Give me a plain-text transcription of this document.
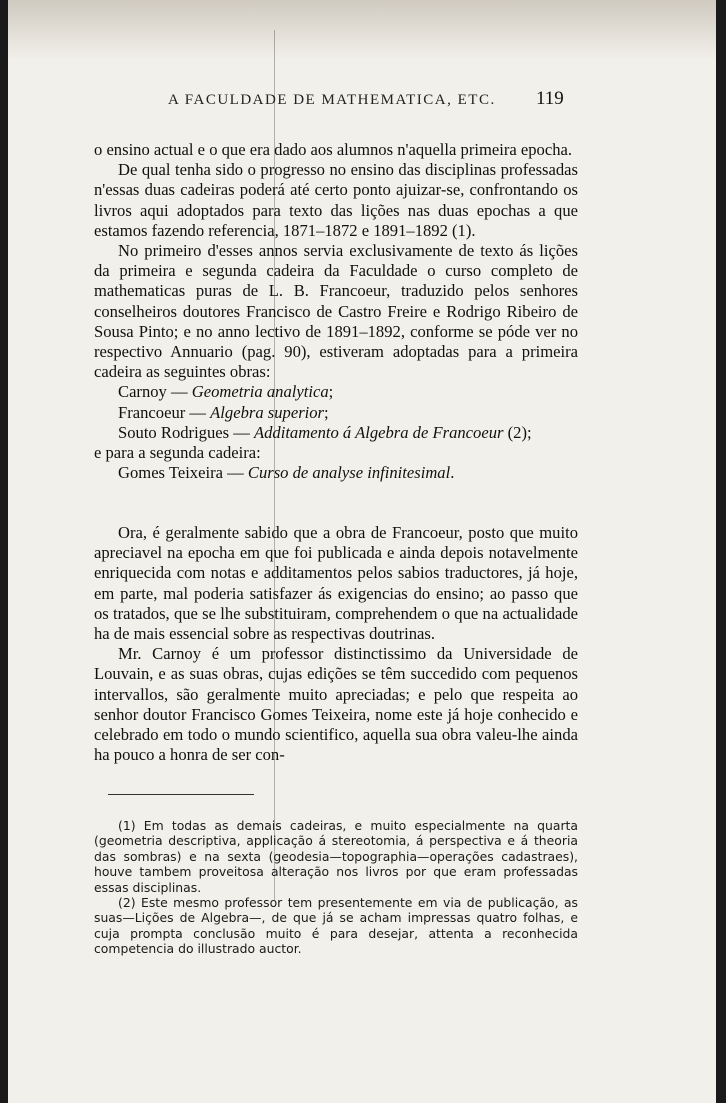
A FACULDADE DE MATHEMATICA, ETC.	119

o ensino actual e o que era dado aos alumnos n'aquella primeira epocha.

De qual tenha sido o progresso no ensino das disciplinas professadas n'essas duas cadeiras poderá até certo ponto ajuizar-se, confrontando os livros aqui adoptados para texto das lições nas duas epochas a que estamos fazendo referencia, 1871–1872 e 1891–1892 (1).

No primeiro d'esses annos servia exclusivamente de texto ás lições da primeira e segunda cadeira da Faculdade o curso completo de mathematicas puras de L. B. Francoeur, traduzido pelos senhores conselheiros doutores Francisco de Castro Freire e Rodrigo Ribeiro de Sousa Pinto; e no anno lectivo de 1891–1892, conforme se póde ver no respectivo Annuario (pag. 90), estiveram adoptadas para a primeira cadeira as seguintes obras:

Carnoy — Geometria analytica;

Francoeur — Algebra superior;

Souto Rodrigues — Additamento á Algebra de Francoeur (2);

e para a segunda cadeira:

Gomes Teixeira — Curso de analyse infinitesimal.

Ora, é geralmente sabido que a obra de Francoeur, posto que muito apreciavel na epocha em que foi publicada e ainda depois notavelmente enriquecida com notas e additamentos pelos sabios traductores, já hoje, em parte, mal poderia satisfazer ás exigencias do ensino; ao passo que os tratados, que se lhe substituiram, comprehendem o que na actualidade ha de mais essencial sobre as respectivas doutrinas.

Mr. Carnoy é um professor distinctissimo da Universidade de Louvain, e as suas obras, cujas edições se têm succedido com pequenos intervallos, são geralmente muito apreciadas; e pelo que respeita ao senhor doutor Francisco Gomes Teixeira, nome este já hoje conhecido e celebrado em todo o mundo scientifico, aquella sua obra valeu-lhe ainda ha pouco a honra de ser con-

(1) Em todas as demais cadeiras, e muito especialmente na quarta (geometria descriptiva, applicação á stereotomia, á perspectiva e á theoria das sombras) e na sexta (geodesia—topographia—operações cadastraes), houve tambem proveitosa alteração nos livros por que eram professadas essas disciplinas.

(2) Este mesmo professor tem presentemente em via de publicação, as suas—Lições de Algebra—, de que já se acham impressas quatro folhas, e cuja prompta conclusão muito é para desejar, attenta a reconhecida competencia do illustrado auctor.
